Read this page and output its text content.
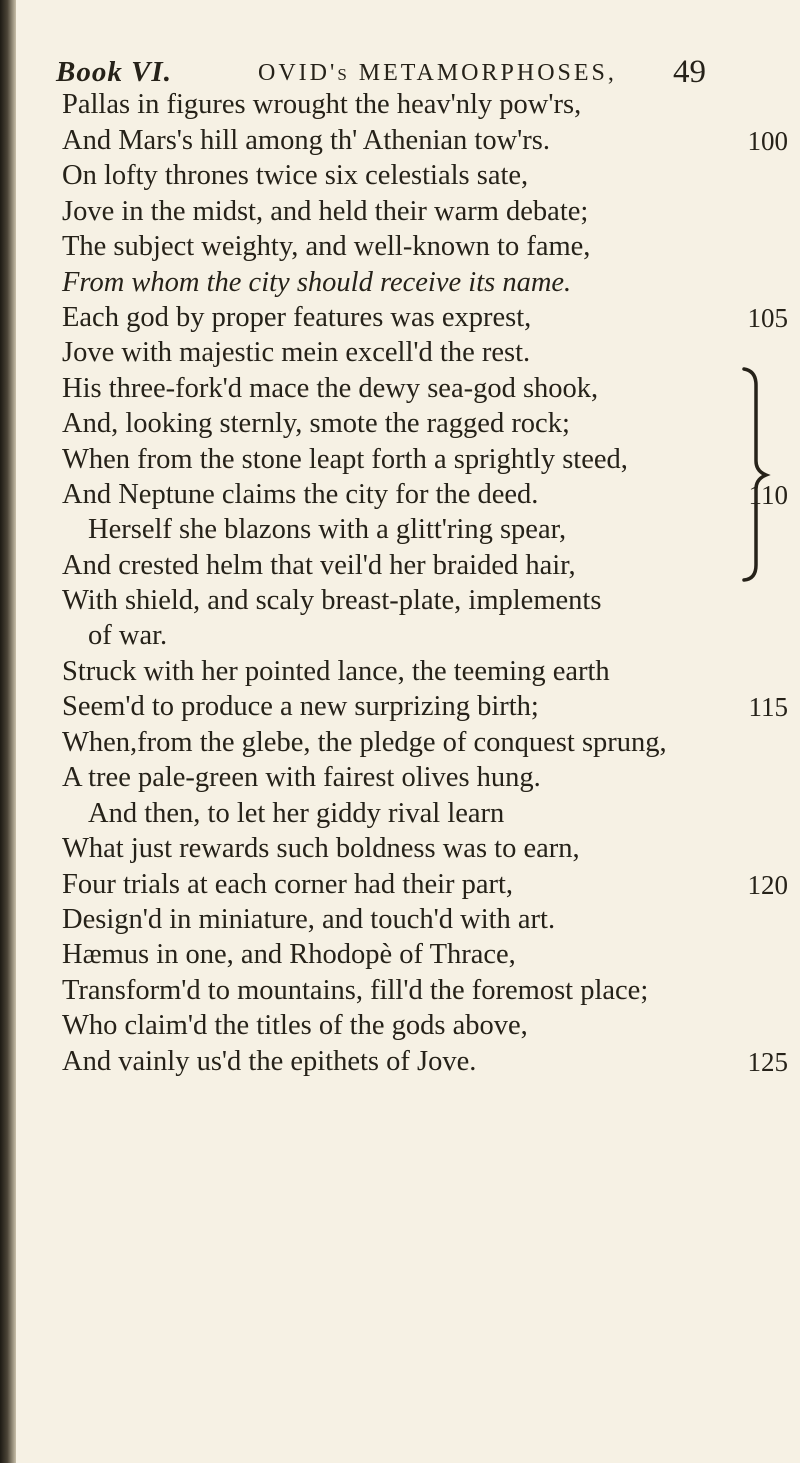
Book VI.	OVID's METAMORPHOSES, 49
Pallas in figures wrought the heav'nly pow'rs,
And Mars's hill among th' Athenian tow'rs.	100
On lofty thrones twice six celestials sate,
Jove in the midst, and held their warm debate;
The subject weighty, and well-known to fame,
From whom the city should receive its name.
Each god by proper features was exprest,	105
Jove with majestic mein excell'd the rest.
His three-fork'd mace the dewy sea-god shook,
And, looking sternly, smote the ragged rock;
When from the stone leapt forth a sprightly steed,
And Neptune claims the city for the deed.	110
Herself she blazons with a glitt'ring spear,
And crested helm that veil'd her braided hair,
With shield, and scaly breast-plate, implements
of war.
Struck with her pointed lance, the teeming earth
Seem'd to produce a new surprizing birth;	115
When,from the glebe, the pledge of conquest sprung,
A tree pale-green with fairest olives hung.
And then, to let her giddy rival learn
What just rewards such boldness was to earn,
Four trials at each corner had their part,	120
Design'd in miniature, and touch'd with art.
Hæmus in one, and Rhodopè of Thrace,
Transform'd to mountains, fill'd the foremost place;
Who claim'd the titles of the gods above,
And vainly us'd the epithets of Jove.	125
